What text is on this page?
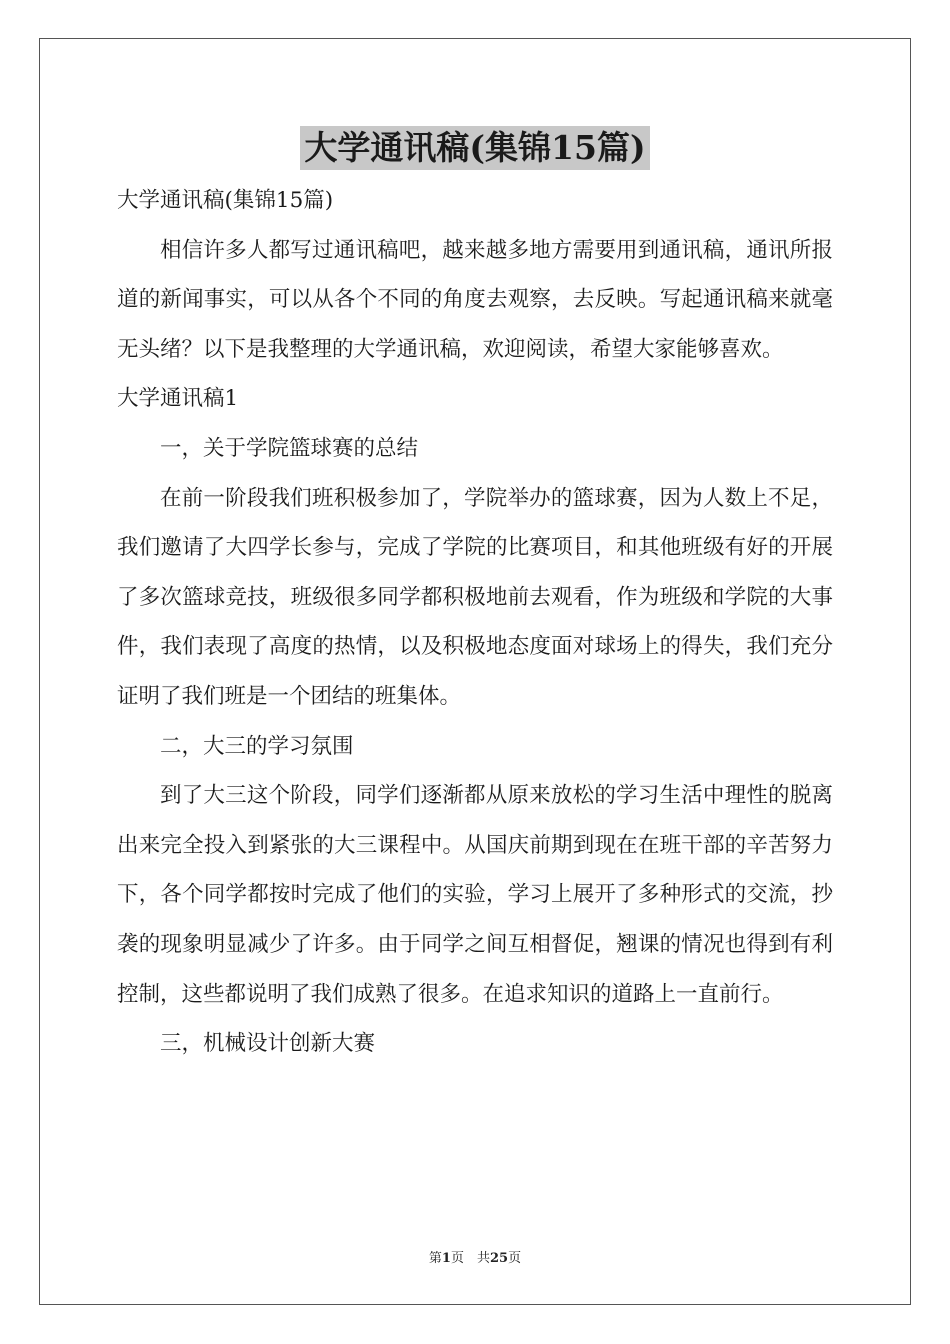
大学通讯稿(集锦15篇)

大学通讯稿(集锦15篇)

相信许多人都写过通讯稿吧，越来越多地方需要用到通讯稿，通讯所报道的新闻事实，可以从各个不同的角度去观察，去反映。写起通讯稿来就毫无头绪？以下是我整理的大学通讯稿，欢迎阅读，希望大家能够喜欢。

大学通讯稿1

一，关于学院篮球赛的总结

在前一阶段我们班积极参加了，学院举办的篮球赛，因为人数上不足，我们邀请了大四学长参与，完成了学院的比赛项目，和其他班级有好的开展了多次篮球竞技，班级很多同学都积极地前去观看，作为班级和学院的大事件，我们表现了高度的热情，以及积极地态度面对球场上的得失，我们充分证明了我们班是一个团结的班集体。

二，大三的学习氛围

到了大三这个阶段，同学们逐渐都从原来放松的学习生活中理性的脱离出来完全投入到紧张的大三课程中。从国庆前期到现在在班干部的辛苦努力下，各个同学都按时完成了他们的实验，学习上展开了多种形式的交流，抄袭的现象明显减少了许多。由于同学之间互相督促，翘课的情况也得到有利控制，这些都说明了我们成熟了很多。在追求知识的道路上一直前行。

三，机械设计创新大赛

第1页　共25页
